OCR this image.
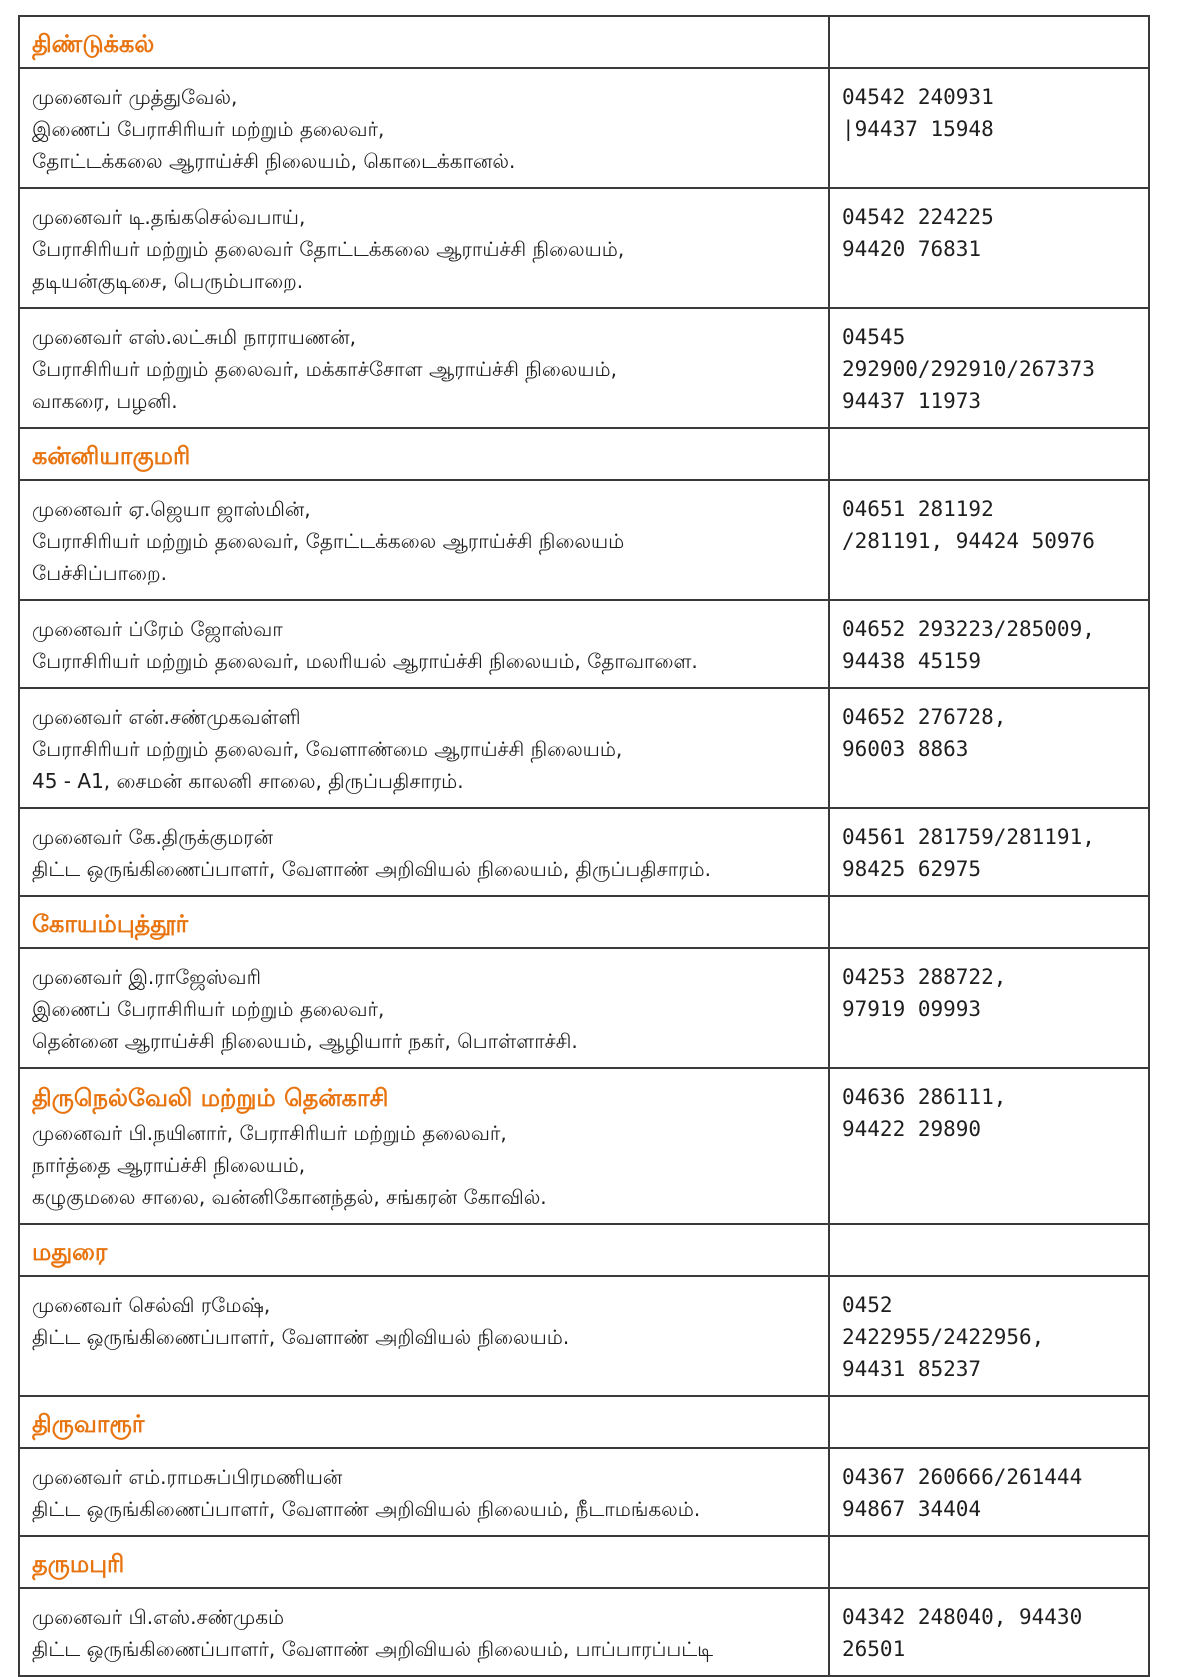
திண்டுக்கல்	

முனைவர் முத்துவேல்,
இணைப் பேராசிரியர் மற்றும் தலைவர்,
தோட்டக்கலை ஆராய்ச்சி நிலையம், கொடைக்கானல்.	04542 240931
|94437 15948

முனைவர் டி.தங்கசெல்வபாய்,
பேராசிரியர் மற்றும் தலைவர் தோட்டக்கலை ஆராய்ச்சி நிலையம்,
தடியன்குடிசை, பெரும்பாறை.	04542 224225
94420 76831

முனைவர் எஸ்.லட்சுமி நாராயணன்,
பேராசிரியர் மற்றும் தலைவர், மக்காச்சோள ஆராய்ச்சி நிலையம்,
வாகரை, பழனி.	04545
292900/292910/267373
94437 11973

கன்னியாகுமரி	

முனைவர் ஏ.ஜெயா ஜாஸ்மின்,
பேராசிரியர் மற்றும் தலைவர், தோட்டக்கலை ஆராய்ச்சி நிலையம்
பேச்சிப்பாறை.	04651 281192
/281191, 94424 50976

முனைவர் ப்ரேம் ஜோஸ்வா
பேராசிரியர் மற்றும் தலைவர், மலரியல் ஆராய்ச்சி நிலையம், தோவாளை.	04652 293223/285009,
94438 45159

முனைவர் என்.சண்முகவள்ளி
பேராசிரியர் மற்றும் தலைவர், வேளாண்மை ஆராய்ச்சி நிலையம்,
45 - A1, சைமன் காலனி சாலை, திருப்பதிசாரம்.	04652 276728,
96003 8863

முனைவர் கே.திருக்குமரன்
திட்ட ஒருங்கிணைப்பாளர், வேளாண் அறிவியல் நிலையம், திருப்பதிசாரம்.	04561 281759/281191,
98425 62975

கோயம்புத்தூர்	

முனைவர் இ.ராஜேஸ்வரி
இணைப் பேராசிரியர் மற்றும் தலைவர்,
தென்னை ஆராய்ச்சி நிலையம், ஆழியார் நகர், பொள்ளாச்சி.	04253 288722,
97919 09993

திருநெல்வேலி மற்றும் தென்காசி
முனைவர் பி.நயினார், பேராசிரியர் மற்றும் தலைவர்,
நார்த்தை ஆராய்ச்சி நிலையம்,
கழுகுமலை சாலை, வன்னிகோனந்தல், சங்கரன் கோவில்.	04636 286111,
94422 29890

மதுரை	

முனைவர் செல்வி ரமேஷ்,
திட்ட ஒருங்கிணைப்பாளர், வேளாண் அறிவியல் நிலையம்.	0452
2422955/2422956,
94431 85237

திருவாரூர்	

முனைவர் எம்.ராமசுப்பிரமணியன்
திட்ட ஒருங்கிணைப்பாளர், வேளாண் அறிவியல் நிலையம், நீடாமங்கலம்.	04367 260666/261444
94867 34404

தருமபுரி	

முனைவர் பி.எஸ்.சண்முகம்
திட்ட ஒருங்கிணைப்பாளர், வேளாண் அறிவியல் நிலையம், பாப்பாரப்பட்டி	04342 248040, 94430
26501
